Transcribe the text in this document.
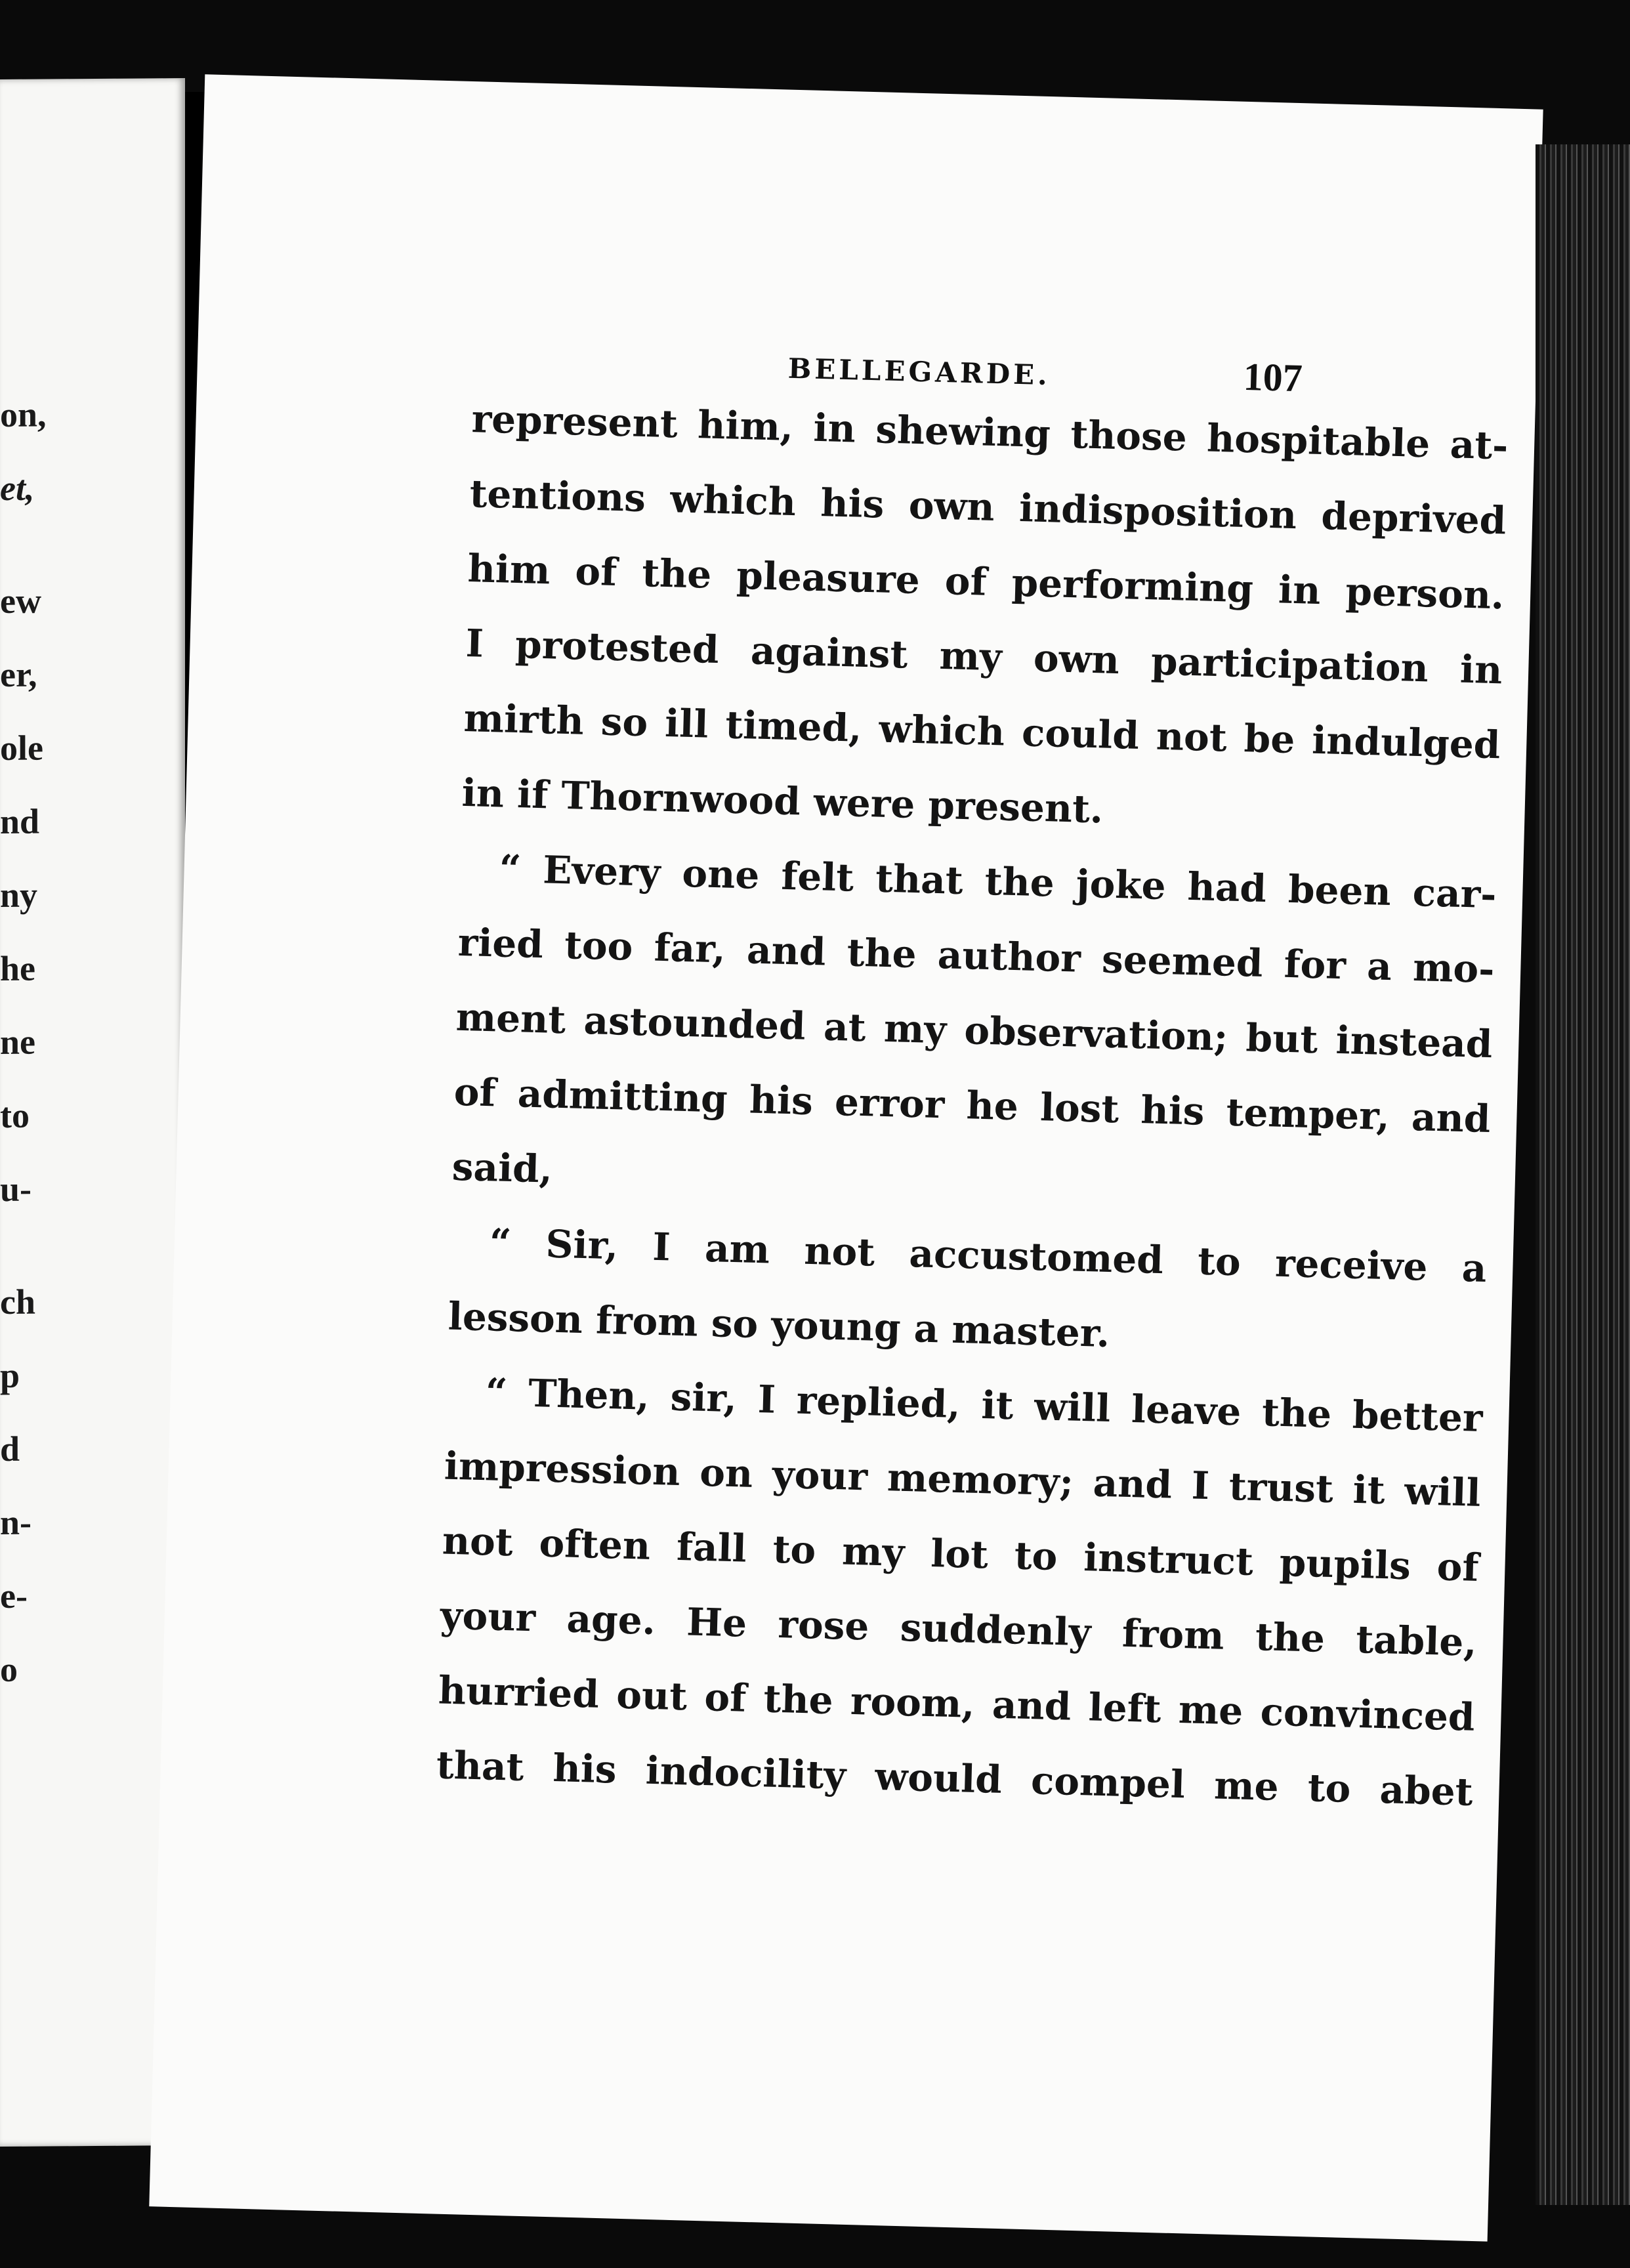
on,
et,
ew
er,
ole
nd
ny
he
ne
to
u-
ch
p
d
n-
e-
o
BELLEGARDE.	107
represent him, in shewing those hospitable at-
tentions which his own indisposition deprived
him of the pleasure of performing in person.
I protested against my own participation in
mirth so ill timed, which could not be indulged
in if Thornwood were present.
“ Every one felt that the joke had been car-
ried too far, and the author seemed for a mo-
ment astounded at my observation; but instead
of admitting his error he lost his temper, and
said,
“ Sir, I am not accustomed to receive a
lesson from so young a master.
“ Then, sir, I replied, it will leave the better
impression on your memory; and I trust it will
not often fall to my lot to instruct pupils of
your age. He rose suddenly from the table,
hurried out of the room, and left me convinced
that his indocility would compel me to abet
